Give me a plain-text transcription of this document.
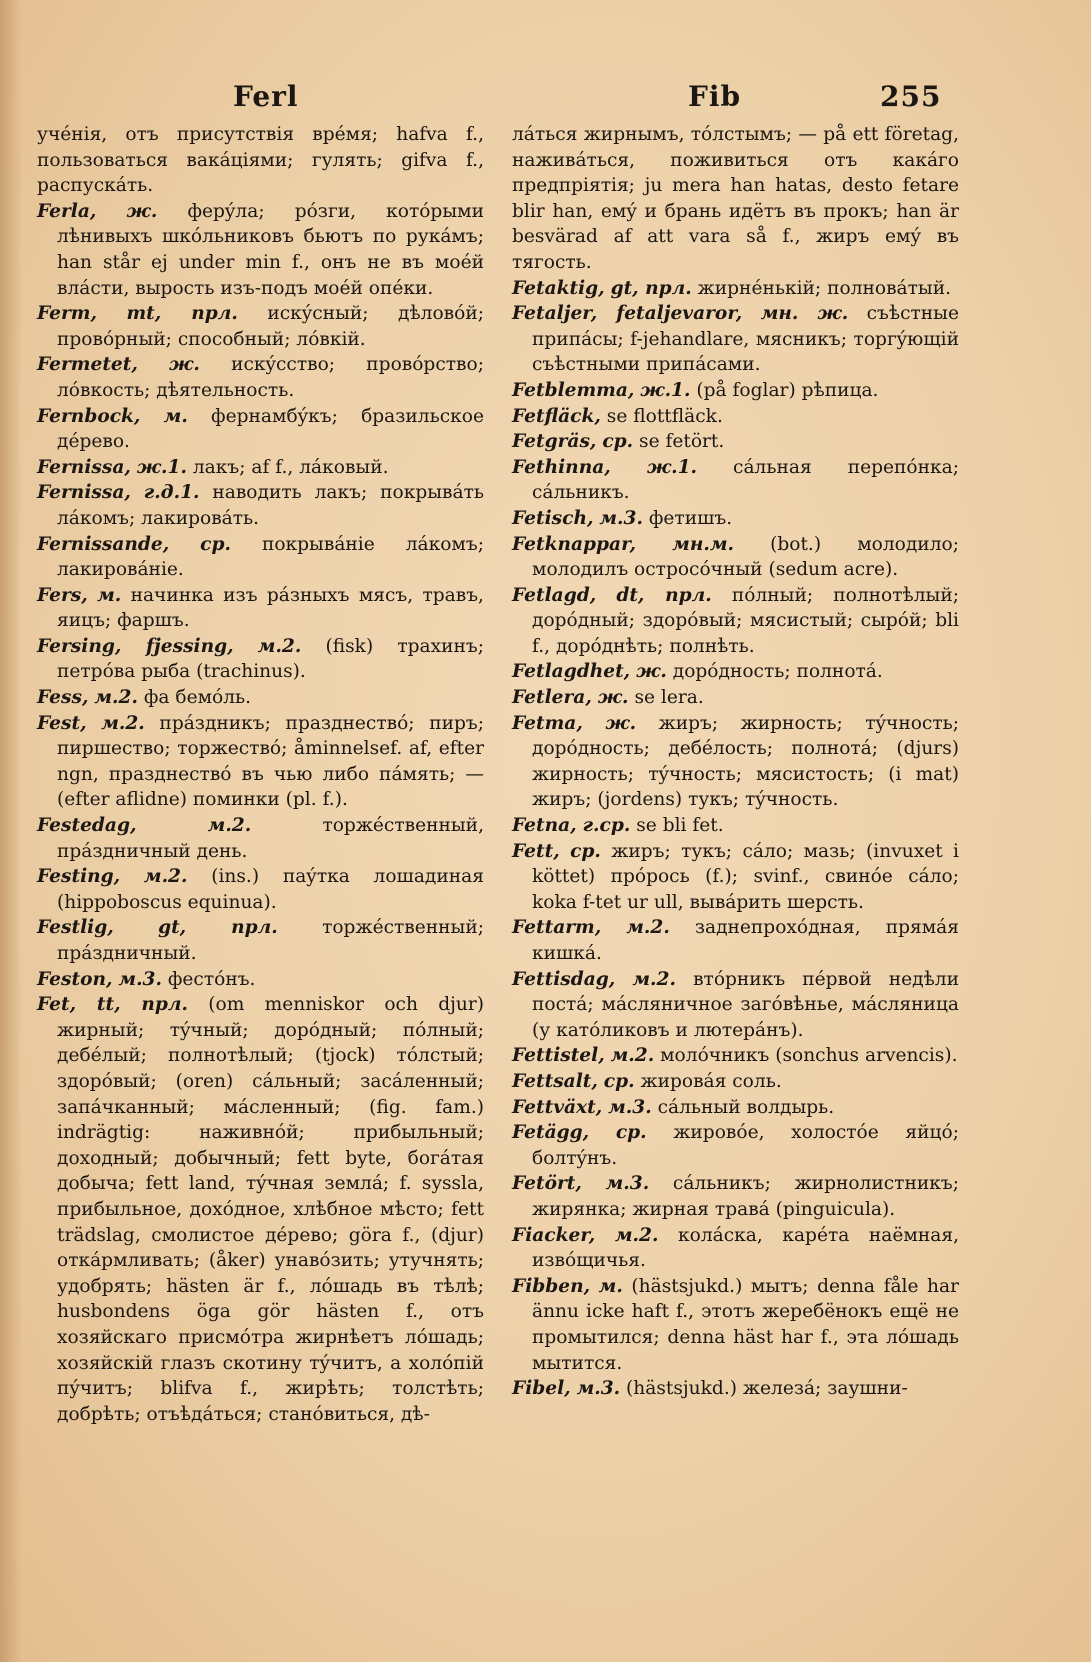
Ferl	Fib	255

учéнія, отъ присутствія врéмя; hafva f., пользоваться вакáціями; гулять; gifva f., распускáть.

Ferla, ж. ферýла; рóзги, котóрыми лѣнивыхъ шкóльниковъ бьютъ по рукáмъ; han står ej under min f., онъ не въ моéй влáсти, вырость изъ-подъ моéй опéки.

Ferm, mt, прл. искýсный; дѣловóй; провóрный; способный; лóвкій.

Fermetet, ж. искýсство; провóрство; лóвкость; дѣятельность.

Fernbock, м. фернамбýкъ; бразильское дéрево.

Fernissa, ж.1. лакъ; af f., лáковый.

Fernissa, г.д.1. наводить лакъ; покрывáть лáкомъ; лакировáть.

Fernissande, ср. покрывáніе лáкомъ; лакировáніе.

Fers, м. начинка изъ рáзныхъ мясъ, травъ, яицъ; фаршъ.

Fersing, fjessing, м.2. (fisk) трахинъ; петрóва рыба (trachinus).

Fess, м.2. фа бемóль.

Fest, м.2. прáздникъ; празднествó; пиръ; пиршество; торжествó; åminnelsef. af, efter ngn, празднествó въ чью либо пáмять; — (efter aflidne) поминки (pl. f.).

Festedag,	м.2.	торжéственный, прáздничный день.

Festing, м.2. (ins.) паýтка лошадиная (hippoboscus equinua).

Festlig, gt, прл. торжéственный; прáздничный.

Feston, м.3. фестóнъ.

Fet, tt, прл. (om menniskor och djur) жирный; тýчный; дорóдный; пóлный; дебéлый; полнотѣлый; (tjock) тóлстый; здорóвый; (oren) сáльный; засáленный; запáчканный; мáсленный; (fig. fam.) indrägtig: наживнóй; прибыльный; доходный; добычный; fett byte, богáтая добыча; fett land, тýчная землá; f. syssla, прибыльное, дохóдное, хлѣбное мѣсто; fett trädslag, смолистое дéрево; göra f., (djur) откáрмливать; (åker) унавóзить; утучнять; удобрять; hästen är f., лóшадь въ тѣлѣ; husbondens öga gör hästen f., отъ хозяйскаго присмóтра жирнѣетъ лóшадь; хозяйскій глазъ скотину тýчитъ, а холóпій пýчитъ; blifva f., жирѣть; толстѣть; добрѣть; отъѣдáться; станóвиться, дѣ-

лáться жирнымъ, тóлстымъ; — på ett företag, наживáться, поживиться отъ какáго предпріятія; ju mera han hatas, desto fetare blir han, емý и брань идётъ въ прокъ; han är besvärad af att vara så f., жиръ емý въ тягость.

Fetaktig, gt, прл. жирнéнькій; полновáтый.

Fetaljer, fetaljevaror, мн. ж. съѣстные припáсы; f-jehandlare, мясникъ; торгýющій съѣстными припáсами.

Fetblemma, ж.1. (på foglar) рѣпица.

Fetfläck, se flottfläck.

Fetgräs, ср. se fetört.

Fethinna, ж.1. сáльная перепóнка; сáльникъ.

Fetisch, м.3. фетишъ.

Fetknappar, мн.м. (bot.) молодило; молодилъ остросóчный (sedum acre).

Fetlagd, dt, прл. пóлный; полнотѣлый; дорóдный; здорóвый; мясистый; сырóй; bli f., дорóднѣть; полнѣть.

Fetlagdhet, ж. дорóдность; полнотá.

Fetlera, ж. se lera.

Fetma, ж. жиръ; жирность; тýчность; дорóдность; дебéлость; полнотá; (djurs) жирность; тýчность; мясистость; (i mat) жиръ; (jordens) тукъ; тýчность.

Fetna, г.ср. se bli fet.

Fett, ср. жиръ; тукъ; сáло; мазь; (invuxet i köttet) прóрось (f.); svinf., свинóе сáло; koka f-tet ur ull, вывáрить шерсть.

Fettarm, м.2. заднепрохóдная, прямáя кишкá.

Fettisdag, м.2. втóрникъ пéрвой недѣли постá; мáсляничное загóвѣнье, мáсляница (у катóликовъ и лютерáнъ).

Fettistel, м.2. молóчникъ (sonchus arvencis).

Fettsalt, ср. жировáя соль.

Fettväxt, м.3. сáльный волдырь.

Fetägg, ср. жировóе, холостóе яйцó; болтýнъ.

Fetört, м.3. сáльникъ; жирнолистникъ; жирянка; жирная травá (pinguicula).

Fiacker, м.2. колáска, карéта наёмная, извóщичья.

Fibben, м. (hästsjukd.) мытъ; denna fåle har ännu icke haft f., этотъ жеребёнокъ ещё не промытился; denna häst har f., эта лóшадь мытится.

Fibel, м.3. (hästsjukd.) железá; заушни-
